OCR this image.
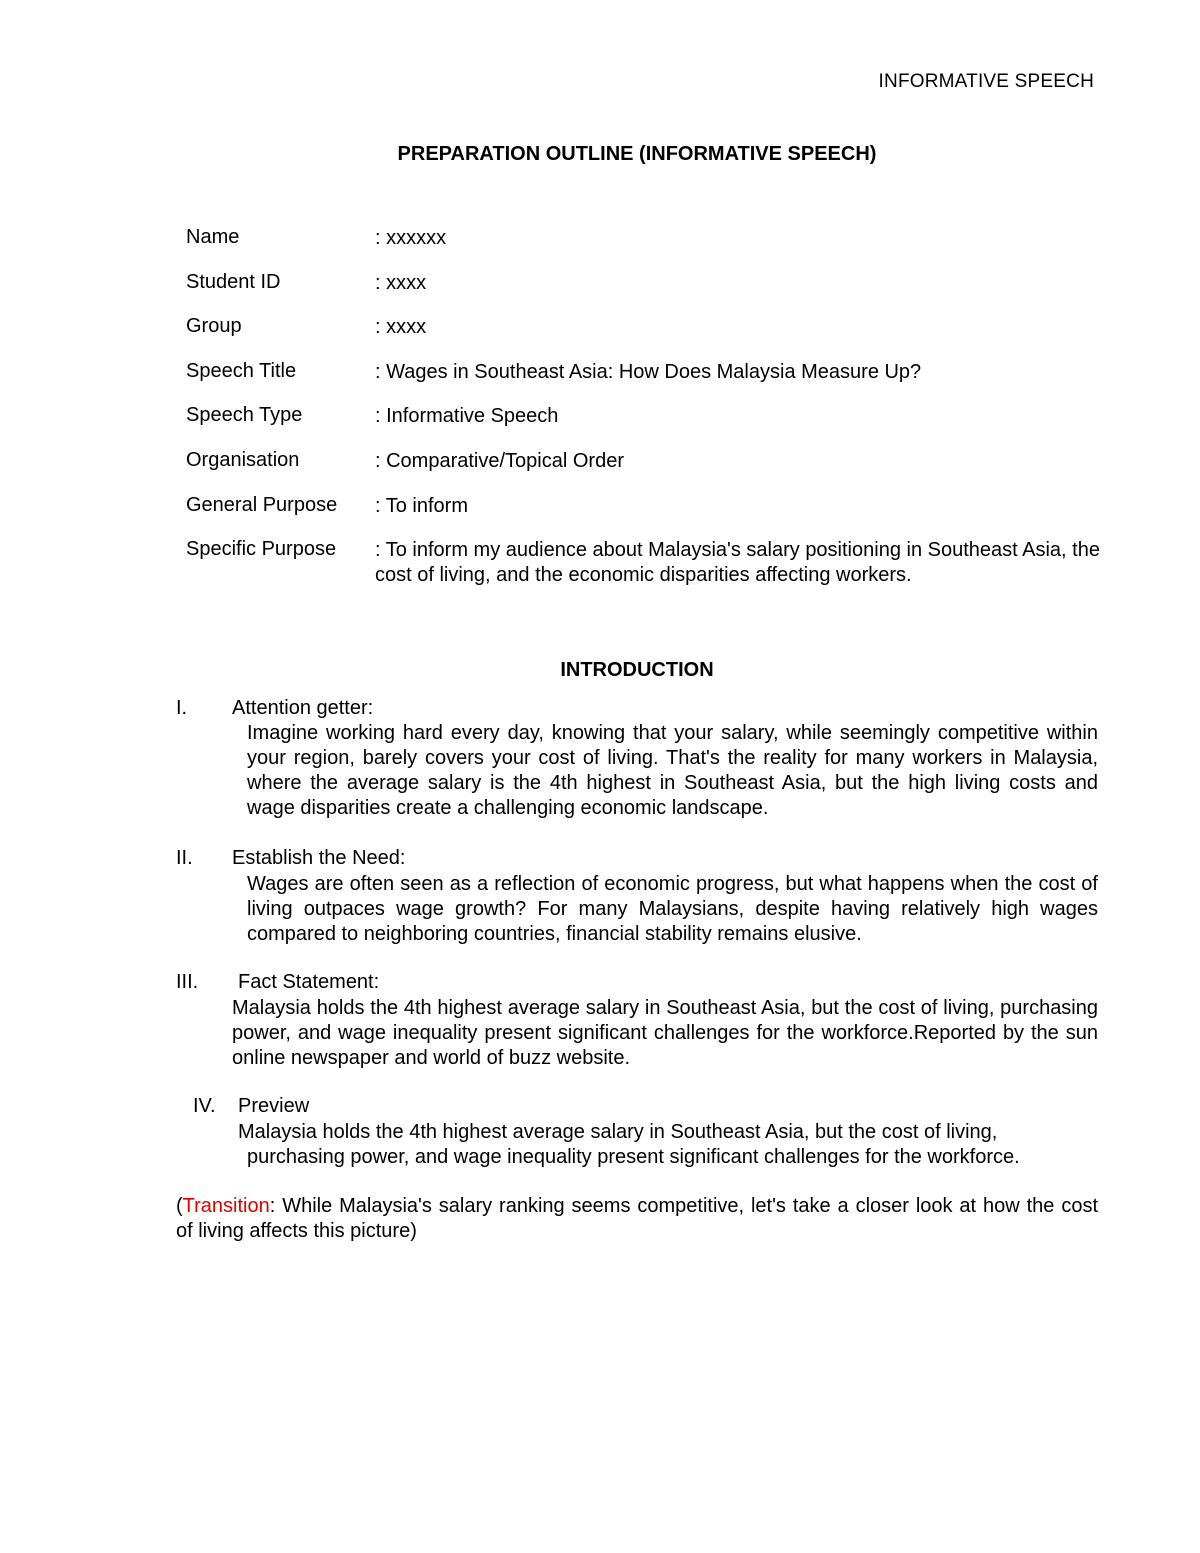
INFORMATIVE SPEECH
PREPARATION OUTLINE (INFORMATIVE SPEECH)
Name	: xxxxxx
Student ID	: xxxx
Group	: xxxx
Speech Title	: Wages in Southeast Asia: How Does Malaysia Measure Up?
Speech Type	: Informative Speech
Organisation	: Comparative/Topical Order
General Purpose	: To inform
Specific Purpose	: To inform my audience about Malaysia's salary positioning in Southeast Asia, the cost of living, and the economic disparities affecting workers.
INTRODUCTION
I. Attention getter:
Imagine working hard every day, knowing that your salary, while seemingly competitive within your region, barely covers your cost of living. That's the reality for many workers in Malaysia, where the average salary is the 4th highest in Southeast Asia, but the high living costs and wage disparities create a challenging economic landscape.
II. Establish the Need:
Wages are often seen as a reflection of economic progress, but what happens when the cost of living outpaces wage growth? For many Malaysians, despite having relatively high wages compared to neighboring countries, financial stability remains elusive.
III. Fact Statement:
Malaysia holds the 4th highest average salary in Southeast Asia, but the cost of living, purchasing power, and wage inequality present significant challenges for the workforce.Reported by the sun online newspaper and world of buzz website.
IV. Preview
Malaysia holds the 4th highest average salary in Southeast Asia, but the cost of living,
purchasing power, and wage inequality present significant challenges for the workforce.
(Transition: While Malaysia's salary ranking seems competitive, let's take a closer look at how the cost of living affects this picture)
